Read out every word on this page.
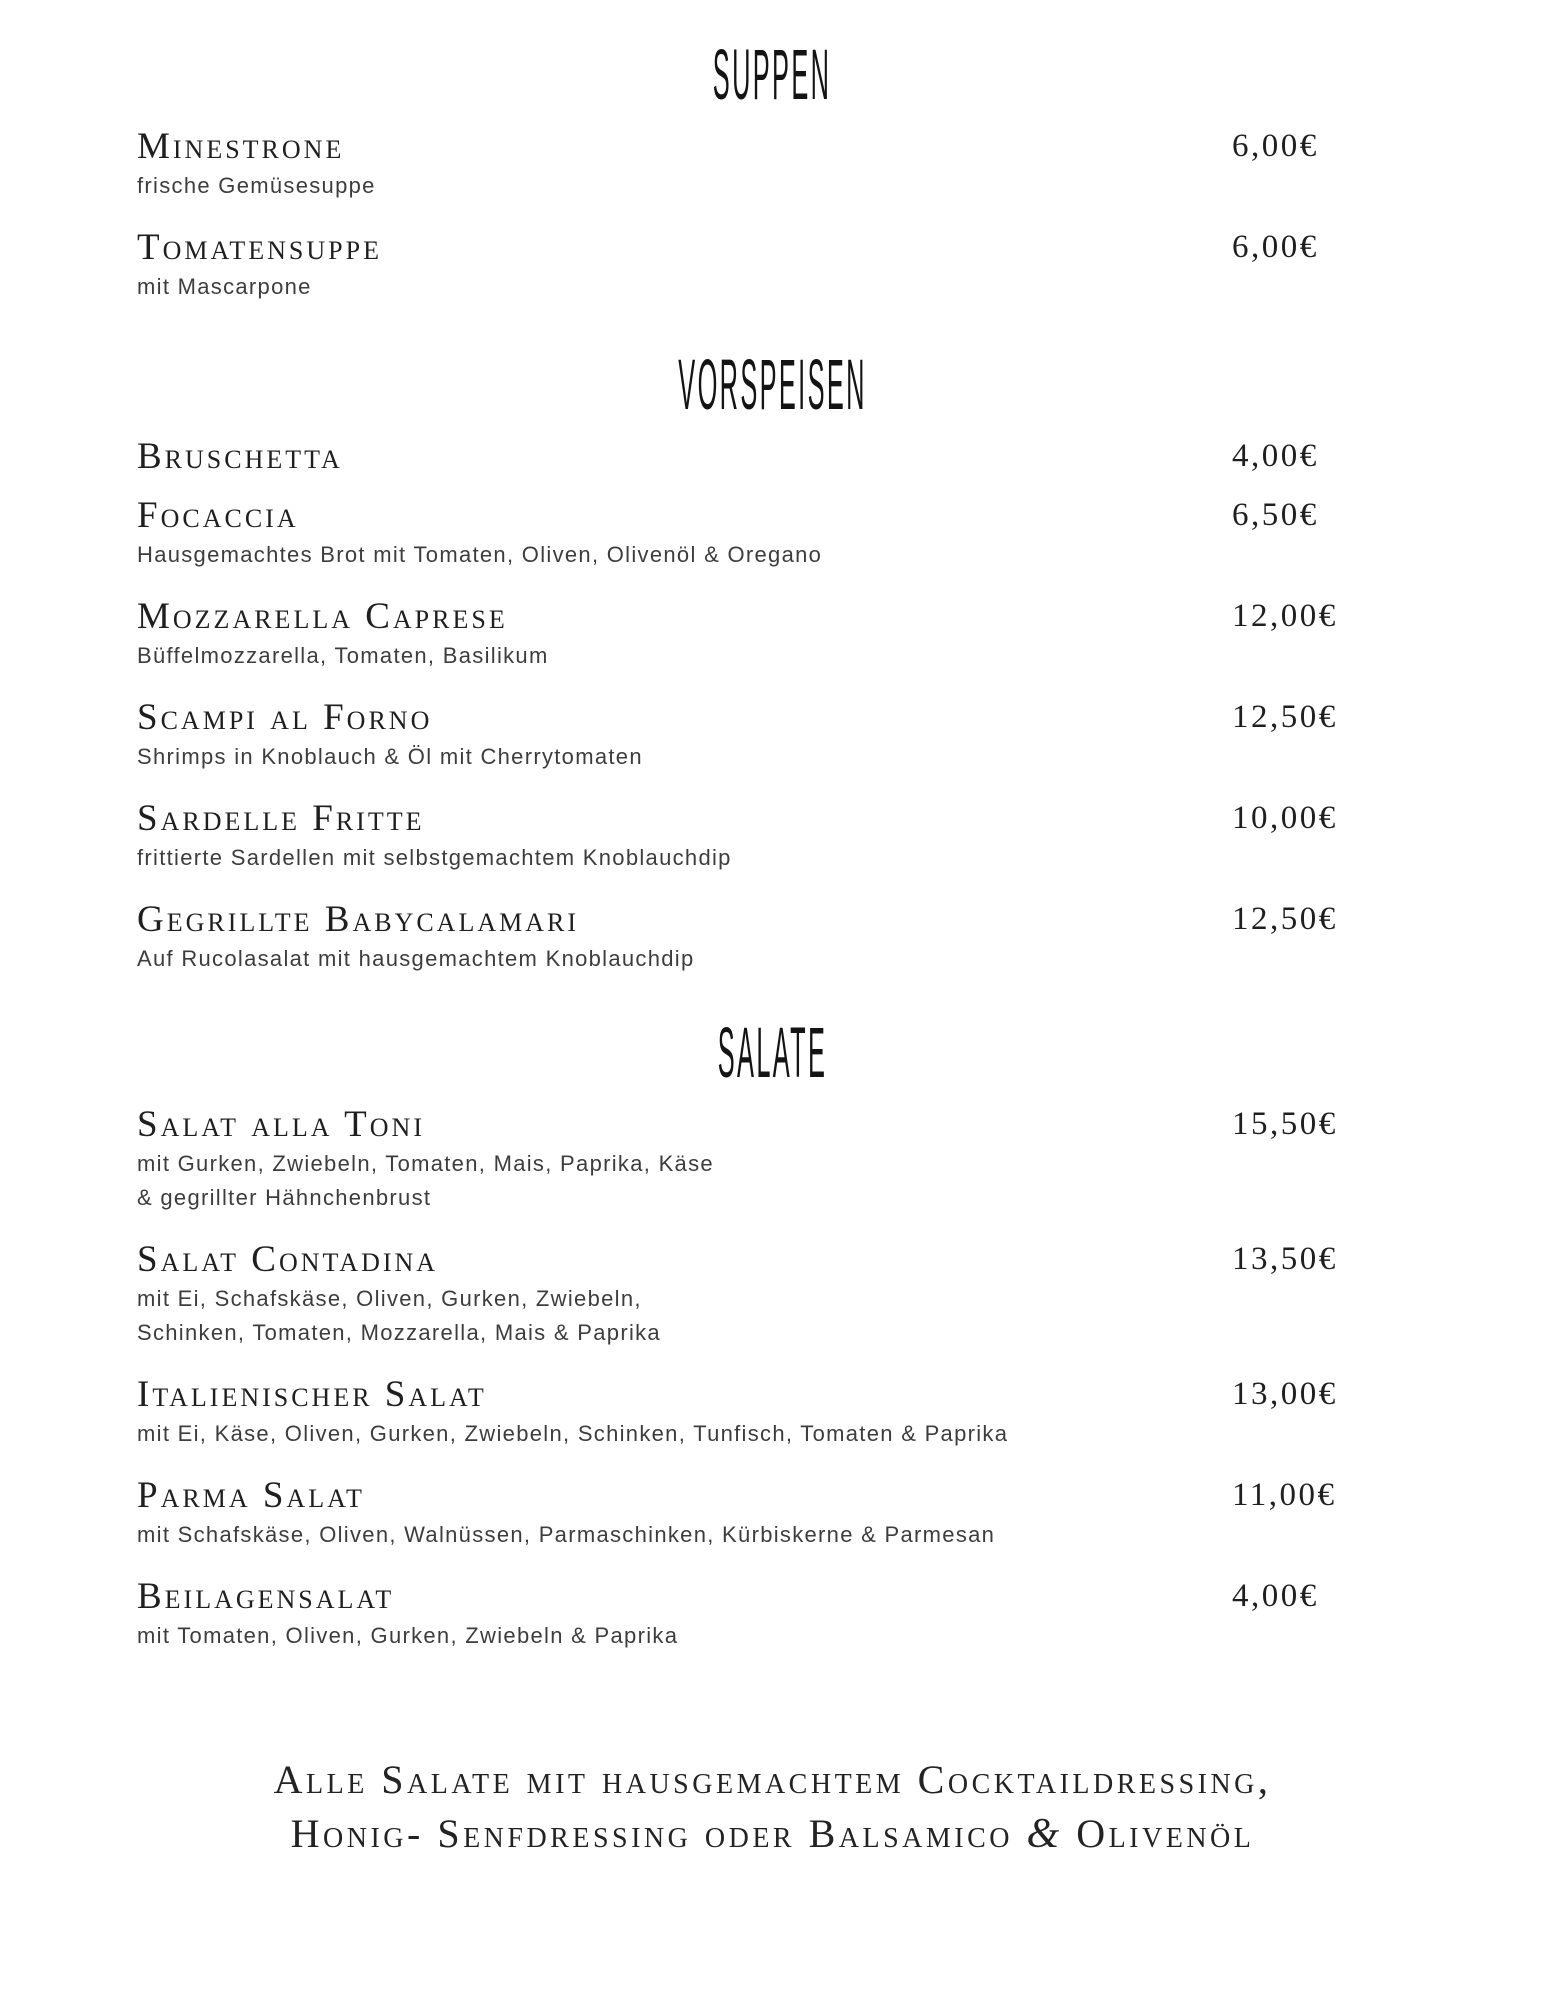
SUPPEN
Minestrone
frische Gemüsesuppe
6,00€
Tomatensuppe
mit Mascarpone
6,00€
VORSPEISEN
Bruschetta	4,00€
Focaccia
Hausgemachtes Brot mit Tomaten, Oliven, Olivenöl & Oregano
6,50€
Mozzarella Caprese
Büffelmozzarella, Tomaten, Basilikum
12,00€
Scampi al Forno
Shrimps in Knoblauch & Öl mit Cherrytomaten
12,50€
Sardelle Fritte
frittierte Sardellen mit selbstgemachtem Knoblauchdip
10,00€
Gegrillte Babycalamari
Auf Rucolasalat mit hausgemachtem Knoblauchdip
12,50€
SALATE
Salat alla Toni
mit Gurken, Zwiebeln, Tomaten, Mais, Paprika, Käse
& gegrillter Hähnchenbrust
15,50€
Salat Contadina
mit Ei, Schafskäse, Oliven, Gurken, Zwiebeln,
Schinken, Tomaten, Mozzarella, Mais & Paprika
13,50€
Italienischer Salat
mit Ei, Käse, Oliven, Gurken, Zwiebeln, Schinken, Tunfisch, Tomaten & Paprika
13,00€
Parma Salat
mit Schafskäse, Oliven, Walnüssen, Parmaschinken, Kürbiskerne & Parmesan
11,00€
Beilagensalat
mit Tomaten, Oliven, Gurken, Zwiebeln & Paprika
4,00€
Alle Salate mit hausgemachtem Cocktaildressing,
Honig- Senfdressing oder Balsamico & Olivenöl
